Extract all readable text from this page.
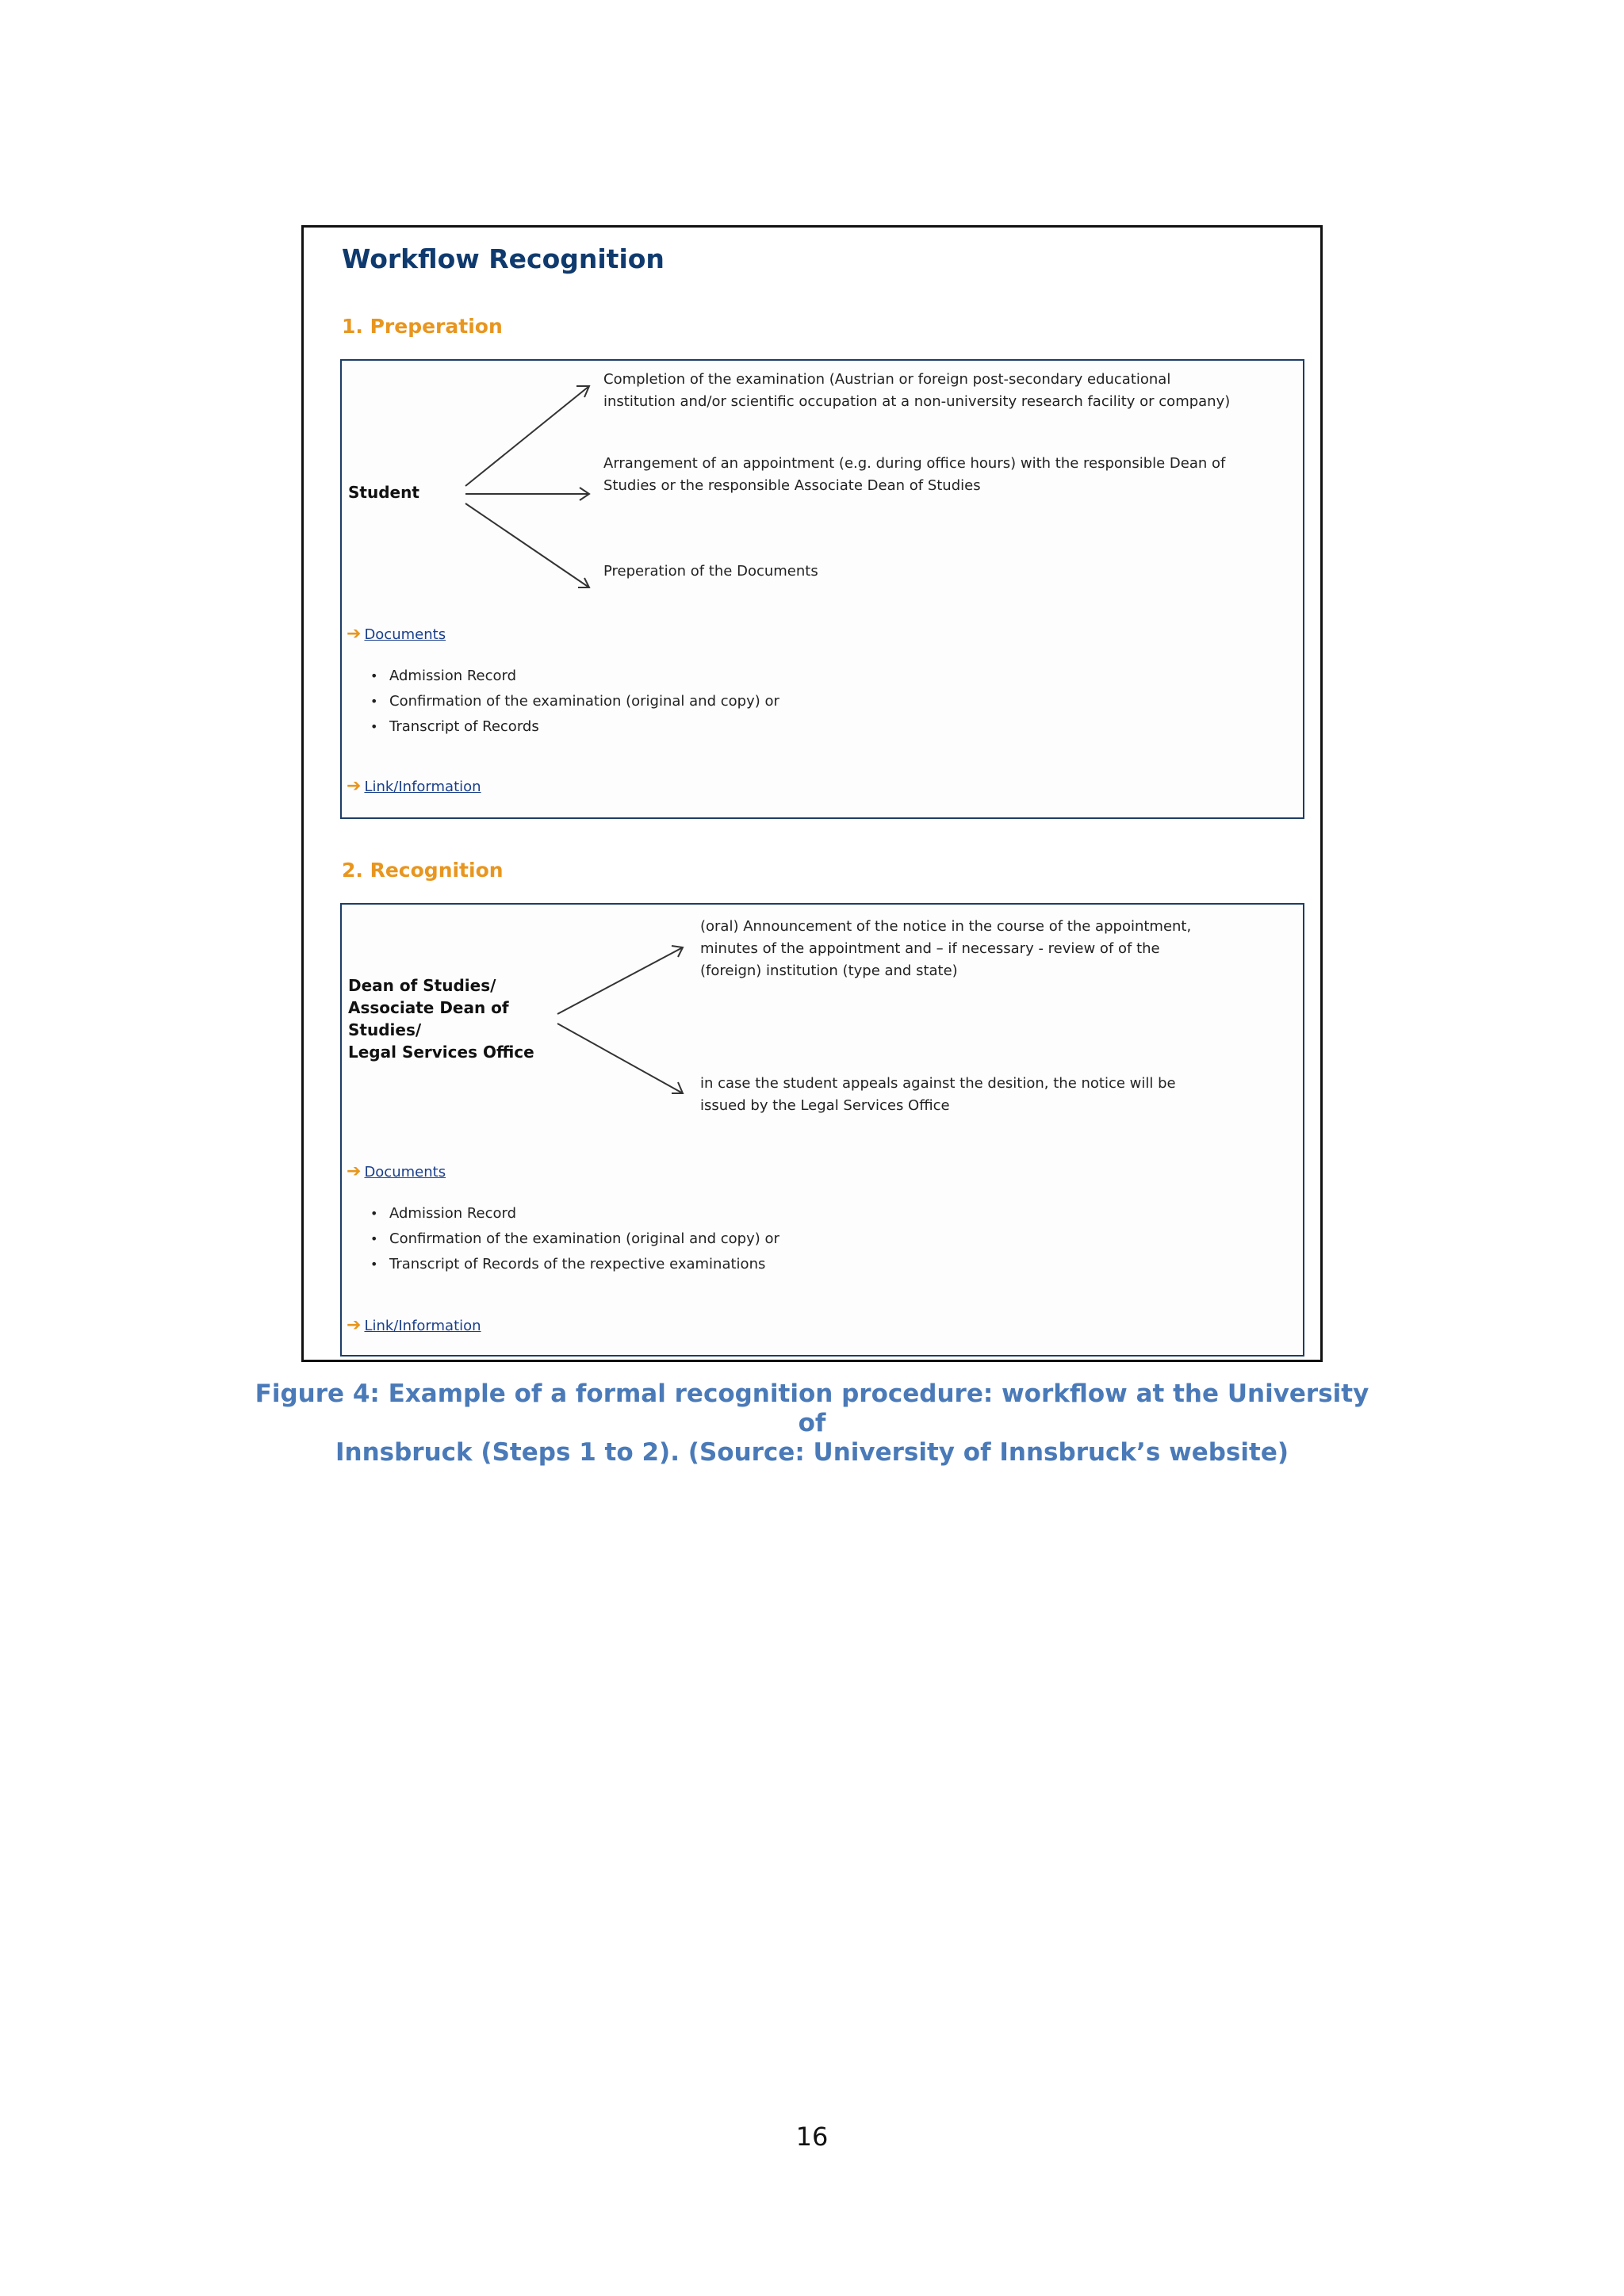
Workflow Recognition
1. Preperation
Student
Completion of the examination (Austrian or foreign post-secondary educational
institution and/or scientific occupation at a non-university research facility or company)
Arrangement of an appointment (e.g. during office hours) with the responsible Dean of
Studies or the responsible Associate Dean of Studies
Preperation of the Documents
➔ Documents
• Admission Record
• Confirmation of the examination (original and copy) or
• Transcript of Records
➔ Link/Information
2. Recognition
Dean of Studies/
Associate Dean of
Studies/
Legal Services Office
(oral) Announcement of the notice in the course of the appointment,
minutes of the appointment and – if necessary - review of of the
(foreign) institution (type and state)
in case the student appeals against the desition, the notice will be
issued by the Legal Services Office
➔ Documents
• Admission Record
• Confirmation of the examination (original and copy) or
• Transcript of Records of the rexpective examinations
➔ Link/Information
Figure 4: Example of a formal recognition procedure: workflow at the University of
Innsbruck (Steps 1 to 2). (Source: University of Innsbruck’s website)
16
